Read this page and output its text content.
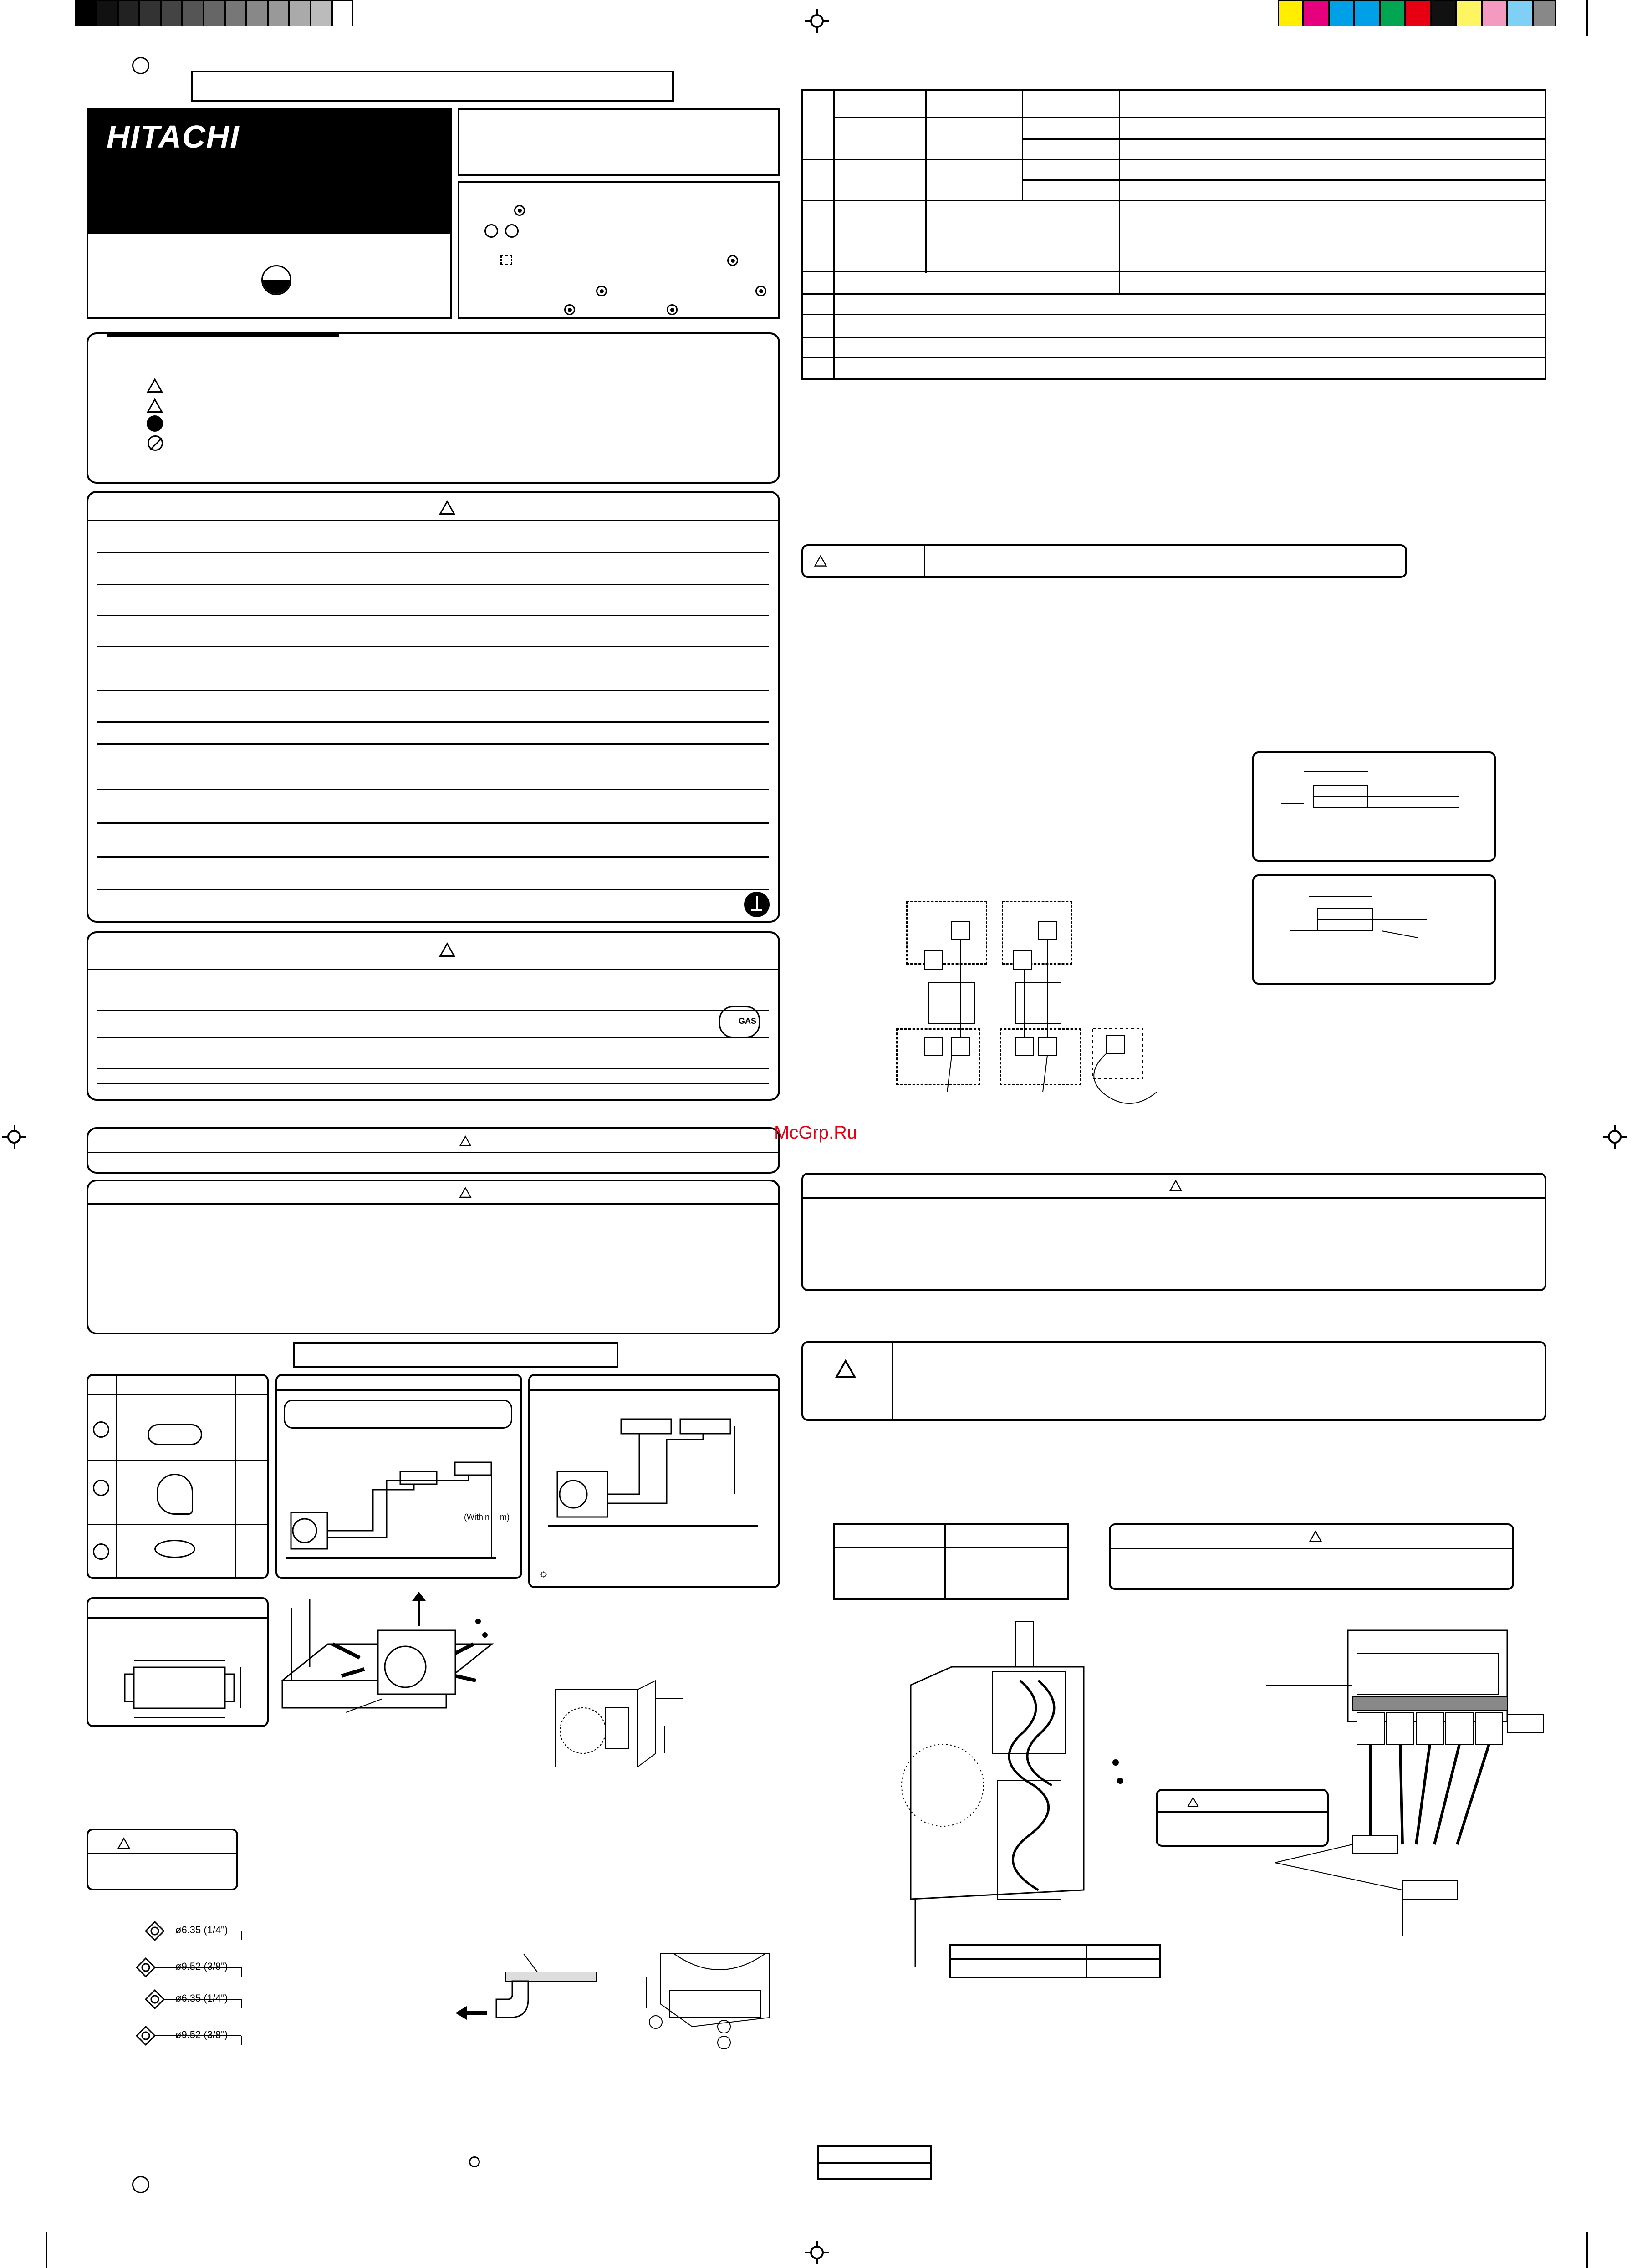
HITACHI
GAS
(Within m)
☼
ø6.35 (1/4")
ø9.52 (3/8")
ø6.35 (1/4")
ø9.52 (3/8")
McGrp.Ru
